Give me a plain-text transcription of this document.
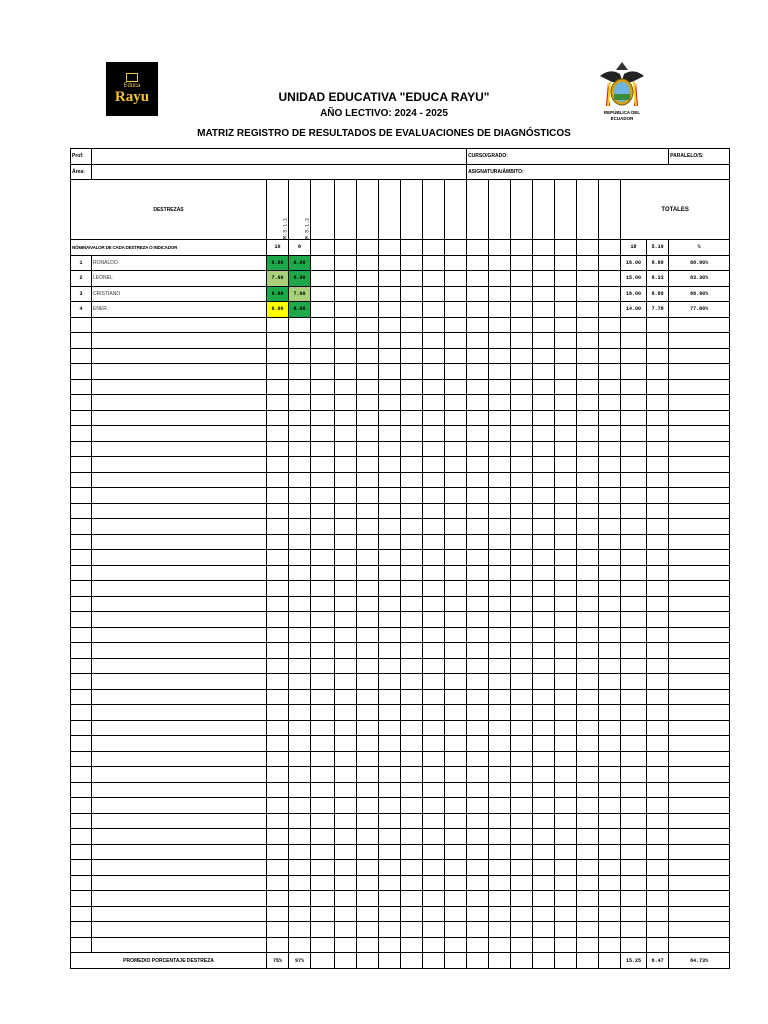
Educa
Rayu
REPÚBLICA DEL
ECUADOR
UNIDAD EDUCATIVA "EDUCA RAYU"
AÑO LECTIVO: 2024 - 2025
MATRIZ REGISTRO DE RESULTADOS DE EVALUACIONES DE DIAGNÓSTICOS
Prof:											CURSO/GRADO:									PARALELO/S:
Área:											ASIGNATURA/ÁMBITO:									
DESTREZAS		M.3.1.1	M.3.1.2															TOTALES		
NÓMINA/VALOR DE CADA DESTREZA O INDICADOR		10	8															18	5.10	%
1	RONALDO	8.00	8.00															16.00	8.89	88.90%
2	LEONEL	7.00	8.00															15.00	8.33	83.30%
3	CRISTIANO	9.00	7.00															16.00	8.89	88.90%
4	ENER	6.00	8.00															14.00	7.78	77.80%

PROMEDIO PORCENTAJE DESTREZA		75%	97%															15.25	8.47	84.73%
